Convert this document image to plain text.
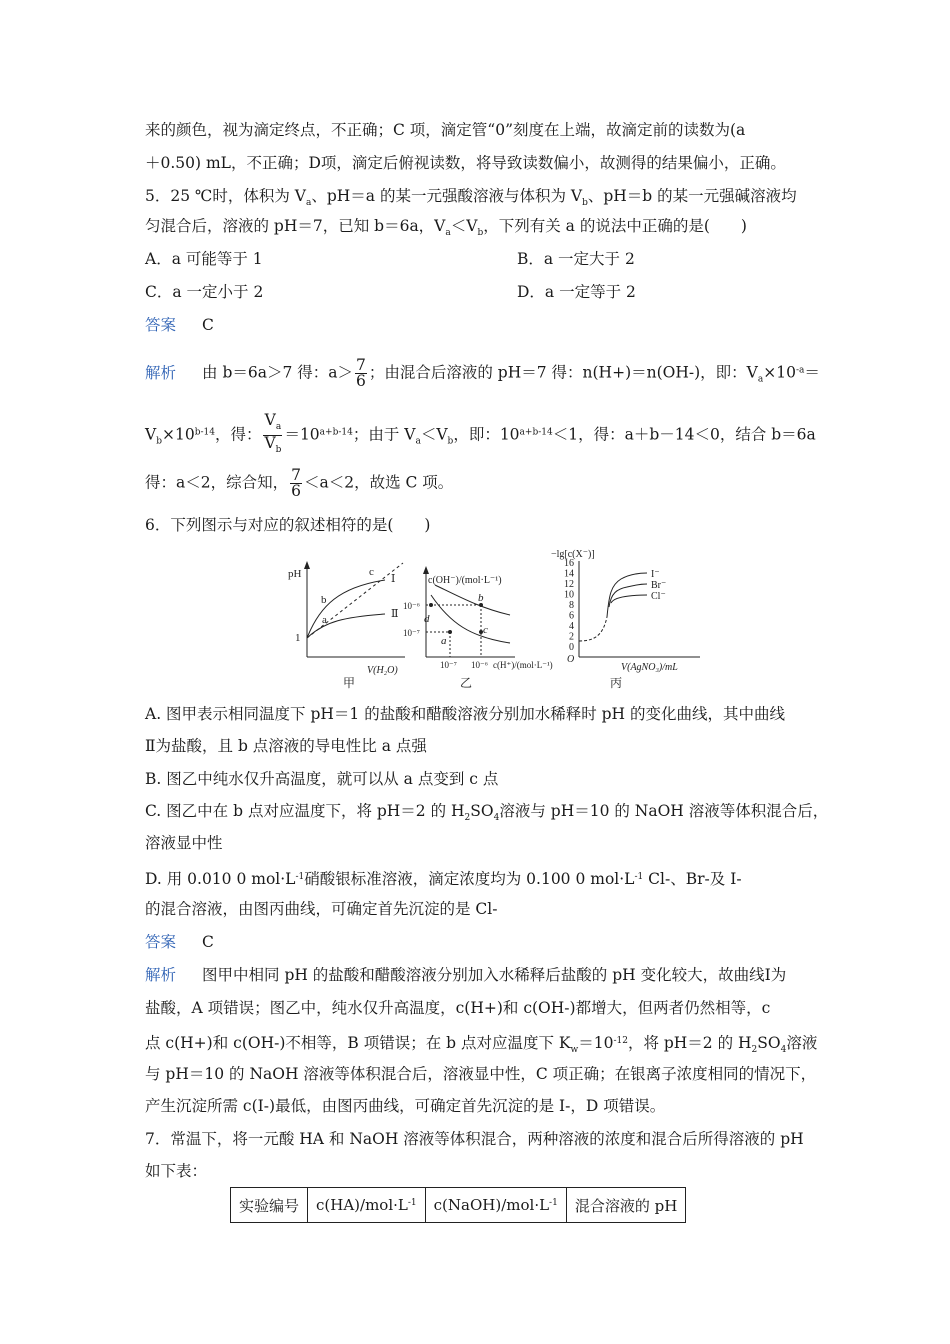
来的颜色，视为滴定终点，不正确；C 项，滴定管“0”刻度在上端，故滴定前的读数为(a
＋0.50) mL，不正确；D项，滴定后俯视读数，将导致读数偏小，故测得的结果偏小，正确。
5．25 ℃时，体积为 $V_a$、pH＝a 的某一元强酸溶液与体积为 $V_b$、pH＝b 的某一元强碱溶液均
匀混合后，溶液的 pH＝7，已知 b＝6a，$V_a<V_b$，下列有关 a 的说法中正确的是(　　)
A．a 可能等于 1	B．a 一定大于 2
C．a 一定小于 2	D．a 一定等于 2
答案 C
解析 由 b＝6a＞7 得：$a> \frac{7}{6}$ ；由混合后溶液的 pH＝7 得：n(H+)＝n(OH-)，即：$V_a\times 10^{-a}=$
$V_b\times 10^{b-14}$，得： $\frac{V_a}{V_b} =10^{a+b-14}$；由于 $V_a<V_b$，即：$10^{a+b-14}<1$，得：a＋b－14＜0，结合 b＝6a
得：a＜2，综合知， $\frac{7}{6} <a<2$，故选 C 项。
6．下列图示与对应的叙述相符的是(　　)
pH
1
c
Ⅰ
Ⅱ
b
a
V(H₂O)
甲
c(OH⁻)/(mol·L⁻¹)
10⁻⁶
10⁻⁷
10⁻⁷ 10⁻⁶ c(H⁺)/(mol·L⁻¹)
d
a
b
c
乙
−lg[c(X⁻)]
O
16
14
12
10
8
6
4
2
0
I⁻
Br⁻
Cl⁻
V(AgNO₃)/mL
丙
A. 图甲表示相同温度下 pH＝1 的盐酸和醋酸溶液分别加水稀释时 pH 的变化曲线，其中曲线
Ⅱ为盐酸，且 b 点溶液的导电性比 a 点强
B. 图乙中纯水仅升高温度，就可以从 a 点变到 c 点
C. 图乙中在 b 点对应温度下，将 pH＝2 的 $H_2SO_4$溶液与 pH＝10 的 NaOH 溶液等体积混合后，
溶液显中性
D. 用 0.010 0 $mol\cdot L^{-1}$硝酸银标准溶液，滴定浓度均为 0.100 0 $mol\cdot L^{-1}$ Cl-、Br-及 I-
的混合溶液，由图丙曲线，可确定首先沉淀的是 Cl-
答案 C
解析 图甲中相同 pH 的盐酸和醋酸溶液分别加入水稀释后盐酸的 pH 变化较大，故曲线Ⅰ为
盐酸，A 项错误；图乙中，纯水仅升高温度，c(H+)和 c(OH-)都增大，但两者仍然相等，c
点 c(H+)和 c(OH-)不相等，B 项错误；在 b 点对应温度下 $K_w=10^{-12}$，将 pH＝2 的 $H_2SO_4$溶液
与 pH＝10 的 NaOH 溶液等体积混合后，溶液显中性，C 项正确；在银离子浓度相同的情况下，
产生沉淀所需 c(I-)最低，由图丙曲线，可确定首先沉淀的是 I-，D 项错误。
7．常温下，将一元酸 HA 和 NaOH 溶液等体积混合，两种溶液的浓度和混合后所得溶液的 pH
如下表：
实验编号	$c(HA)/mol\cdot L^{-1}$	$c(NaOH)/mol\cdot L^{-1}$	混合溶液的 pH
